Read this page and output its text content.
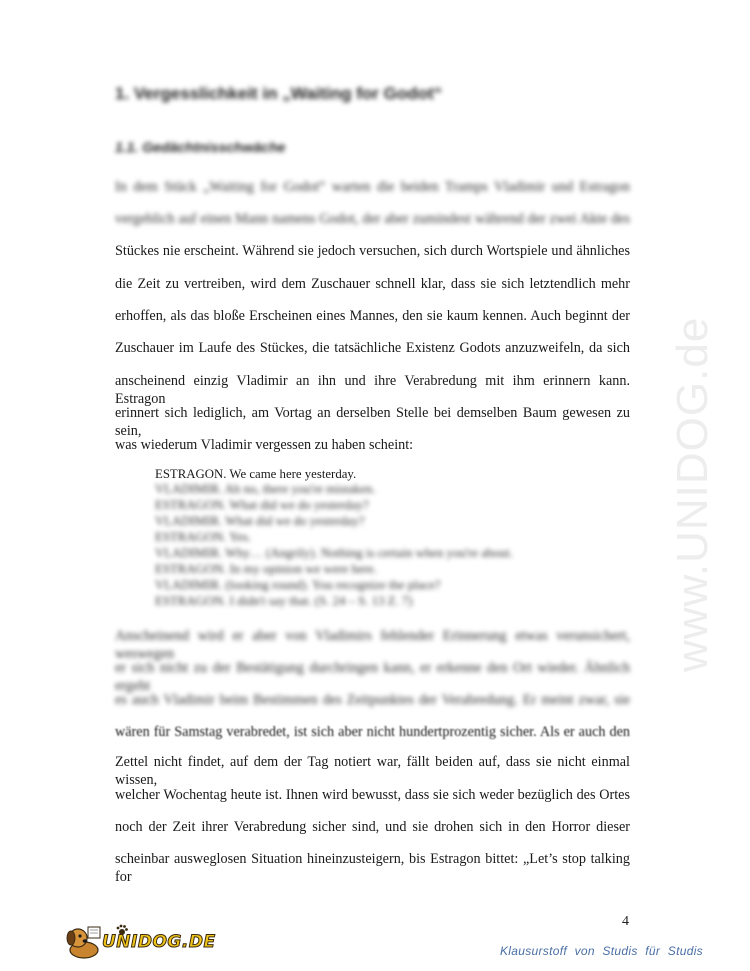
www.UNIDOG.de
1. Vergesslichkeit in „Waiting for Godot“
1.1. Gedächtnisschwäche
In dem Stück „Waiting for Godot“ warten die beiden Tramps Vladimir und Estragon
vergeblich auf einen Mann namens Godot, der aber zumindest während der zwei Akte des
Stückes nie erscheint. Während sie jedoch versuchen, sich durch Wortspiele und ähnliches
die Zeit zu vertreiben, wird dem Zuschauer schnell klar, dass sie sich letztendlich mehr
erhoffen, als das bloße Erscheinen eines Mannes, den sie kaum kennen. Auch beginnt der
Zuschauer im Laufe des Stückes, die tatsächliche Existenz Godots anzuzweifeln, da sich
anscheinend einzig Vladimir an ihn und ihre Verabredung mit ihm erinnern kann. Estragon
erinnert sich lediglich, am Vortag an derselben Stelle bei demselben Baum gewesen zu sein,
was wiederum Vladimir vergessen zu haben scheint:
ESTRAGON. We came here yesterday.
VLADIMIR. Ah no, there you're mistaken.
ESTRAGON. What did we do yesterday?
VLADIMIR. What did we do yesterday?
ESTRAGON. Yes.
VLADIMIR. Why… (Angrily). Nothing is certain when you're about.
ESTRAGON. In my opinion we were here.
VLADIMIR. (looking round). You recognize the place?
ESTRAGON. I didn't say that. (S. 24 – S. 13 Z. 7)
Anscheinend wird er aber von Vladimirs fehlender Erinnerung etwas verunsichert, weswegen
er sich nicht zu der Bestätigung durchringen kann, er erkenne den Ort wieder. Ähnlich ergeht
es auch Vladimir beim Bestimmen des Zeitpunktes der Verabredung. Er meint zwar, sie
wären für Samstag verabredet, ist sich aber nicht hundertprozentig sicher. Als er auch den
Zettel nicht findet, auf dem der Tag notiert war, fällt beiden auf, dass sie nicht einmal wissen,
welcher Wochentag heute ist. Ihnen wird bewusst, dass sie sich weder bezüglich des Ortes
noch der Zeit ihrer Verabredung sicher sind, und sie drohen sich in den Horror dieser
scheinbar ausweglosen Situation hineinzusteigern, bis Estragon bittet: „Let’s stop talking for
4
UNIDOG.DE	Klausurstoff von Studis für Studis
